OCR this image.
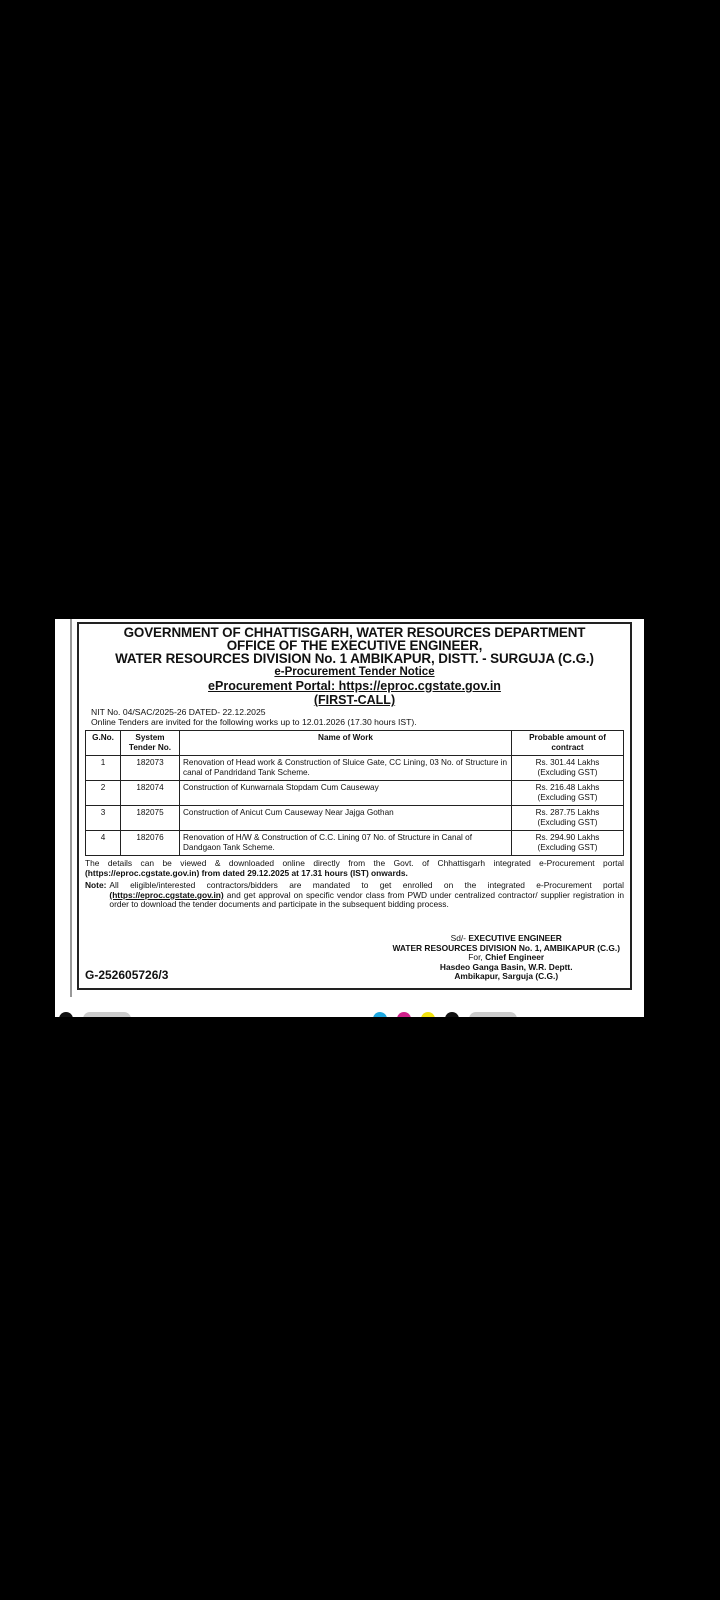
GOVERNMENT OF CHHATTISGARH, WATER RESOURCES DEPARTMENT
OFFICE OF THE EXECUTIVE ENGINEER,
WATER RESOURCES DIVISION No. 1 AMBIKAPUR, DISTT. - SURGUJA (C.G.)
e-Procurement Tender Notice
eProcurement Portal: https://eproc.cgstate.gov.in
(FIRST-CALL)
NIT No. 04/SAC/2025-26 DATED- 22.12.2025
Online Tenders are invited for the following works up to 12.01.2026 (17.30 hours IST).
G.No.	System Tender No.	Name of Work	Probable amount of contract
1	182073	Renovation of Head work & Construction of Sluice Gate, CC Lining, 03 No. of Structure in canal of Pandridand Tank Scheme.	Rs. 301.44 Lakhs
(Excluding GST)

2	182074	Construction of Kunwarnala Stopdam Cum Causeway	Rs. 216.48 Lakhs
(Excluding GST)

3	182075	Construction of Anicut Cum Causeway Near Jajga Gothan	Rs. 287.75 Lakhs
(Excluding GST)

4	182076	Renovation of H/W & Construction of C.C. Lining 07 No. of Structure in Canal of Dandgaon Tank Scheme.	Rs. 294.90 Lakhs
(Excluding GST)
The details can be viewed & downloaded online directly from the Govt. of Chhattisgarh integrated e-Procurement portal (https://eproc.cgstate.gov.in) from dated 29.12.2025 at 17.31 hours (IST) onwards.
Note: All eligible/interested contractors/bidders are mandated to get enrolled on the integrated e-Procurement portal (https://eproc.cgstate.gov.in) and get approval on specific vendor class from PWD under centralized contractor/ supplier registration in order to download the tender documents and participate in the subsequent bidding process.
Sd/- EXECUTIVE ENGINEER
WATER RESOURCES DIVISION No. 1, AMBIKAPUR (C.G.)
For, Chief Engineer
Hasdeo Ganga Basin, W.R. Deptt.
Ambikapur, Sarguja (C.G.)
G-252605726/3
